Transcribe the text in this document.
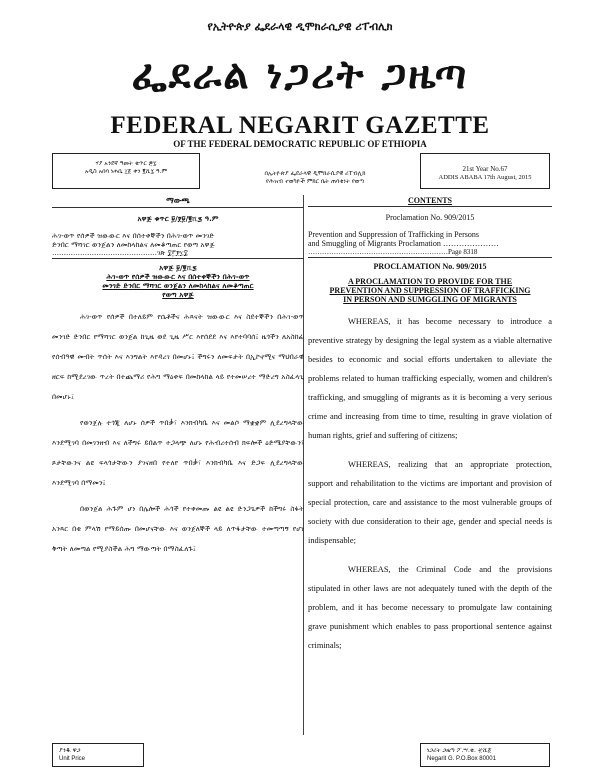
የኢትዮጵያ ፌደራላዊ ዲሞክራሲያዊ ሪፐብሊክ
ፌደራል ነጋሪት ጋዜጣ
FEDERAL NEGARIT GAZETTE
OF THE FEDERAL DEMOCRATIC REPUBLIC OF ETHIOPIA
ሃያ አንደኛ ዓመት ቁጥር ፷፯
አዲስ አበባ ነሐሴ ፲፩ ቀን ፪ሺ፯ ዓ.ም	በኢትዮጵያ ፌደራላዊ ዲሞክራሲያዊ ሪፐብሊክ
የሕዝብ ተወካዮች ምክር ቤት ጠባቂነት የወጣ
21st Year No.67
ADDIS ABABA 17th August, 2015
ማውጫ
አዋጅ ቁጥር ፱/፻፱/፪ሺ፯ ዓ.ም
ሕገ-ወጥ የሰዎች ዝውውር እና በሰተቀኞችን በሕገ-ወጥ መንገድ
ድንበር ማሻገር ወንጀልን ለመከላከልና ለመቆጣጠር የወጣ አዋጅ
………………………………………ገጽ ፰፫፻፲፰
አዋጅ ፱/፪ሺ፯
ሕገ-ወጥ የሰዎች ዝውውር እና በሰተቀኞችን በሕገ-ወጥ
መንገድ ድንበር ማሻገር ወንጀልን ለመከላከልና ለመቆጣጠር
የወጣ አዋጅ

ሕገ-ወጥ የሰዎች በተለይም የሴቶችና ሕጻናት ዝውውር እና ስደተኞችን በሕገ-ወጥ መንገድ ድንበር የማሻገር ወንጀል ከጊዜ ወደ ጊዜ ሥር እየሰደደ እና እየተባባሰ፤ ዜጎችን ለአስከፊ የሰብዓዊ መብት ጥሰት እና እንግልት እየዳረገ በመሆኑ፤ ችግሩን ለመፍታት በኢኮኖሚና ማህበራዊ ዘርፍ ከሚደረገው ጥረት በተጨማሪ የሕግ ማዕቀፍ በመከላከል ላይ የተመሠረተ ማድረግ አስፈላጊ በመሆኑ፤

የወንጀሉ ተጎጂ ለሆኑ ሰዎች ጥበቃ፣ እንክብካቤ እና መልሶ ማቋቋም ሊደረግላቸው እንደሚገባ በመገንዘብ እና ለችግሩ ይበልጥ ተጋላጭ ለሆኑ የሕብረተሰብ ክፍሎች ዕድሜያቸውን፣ ጾታቸውንና ልዩ ፍላጎታቸውን ያገናዘበ የተለየ ጥበቃ፣ እንክብካቤ እና ድጋፍ ሊደረግላቸው እንደሚገባ በማመን፤

በወንጀል ሕጉም ሆነ በሌሎች ሕጎች የተቀመጡ ልዩ ልዩ ድንጋጌዎች ከችግሩ ስፋት አንጻር በቂ ምላሽ የማይሰጡ በመሆናቸው እና ወንጀለኞች ላይ ለጥፋታቸው ተመጣጣኝ የሆነ ቅጣት ለመጣል የሚያስችል ሕግ ማውጣት በማስፈለጉ፤

CONTENTS
Proclamation No. 909/2015
Prevention and Suppression of Trafficking in Persons
and Smuggling of Migrants Proclamation …………………
……………………………………………………Page 8318
PROCLAMATION No. 909/2015
A PROCLAMATION TO PROVIDE FOR THE
PREVENTION AND SUPPRESSION OF TRAFFICKING
IN PERSON AND SUMGGLING OF MIGRANTS

WHEREAS, it has become necessary to introduce a preventive strategy by designing the legal system as a viable alternative besides to economic and social efforts undertaken to alleviate the problems related to human trafficking especially, women and children's trafficking, and smuggling of migrants as it is becoming a very serious crime and increasing from time to time, resulting in grave violation of human rights, grief and suffering of citizens;

WHEREAS, realizing that an appropriate protection, support and rehabilitation to the victims are important and provision of special protection, care and assistance to the most vulnerable groups of society with due consideration to their age, gender and special needs is indispensable;

WHEREAS, the Criminal Code and the provisions stipulated in other laws are not adequately tuned with the depth of the problem, and it has become necessary to promulgate law containing grave punishment which enables to pass proportional sentence against criminals;

ያንዱ ዋጋ
Unit Price
ነጋሪት ጋዜጣ ፖ.ሣ.ቁ. ፹ሺ፩
Negarit G. P.O.Box 80001
